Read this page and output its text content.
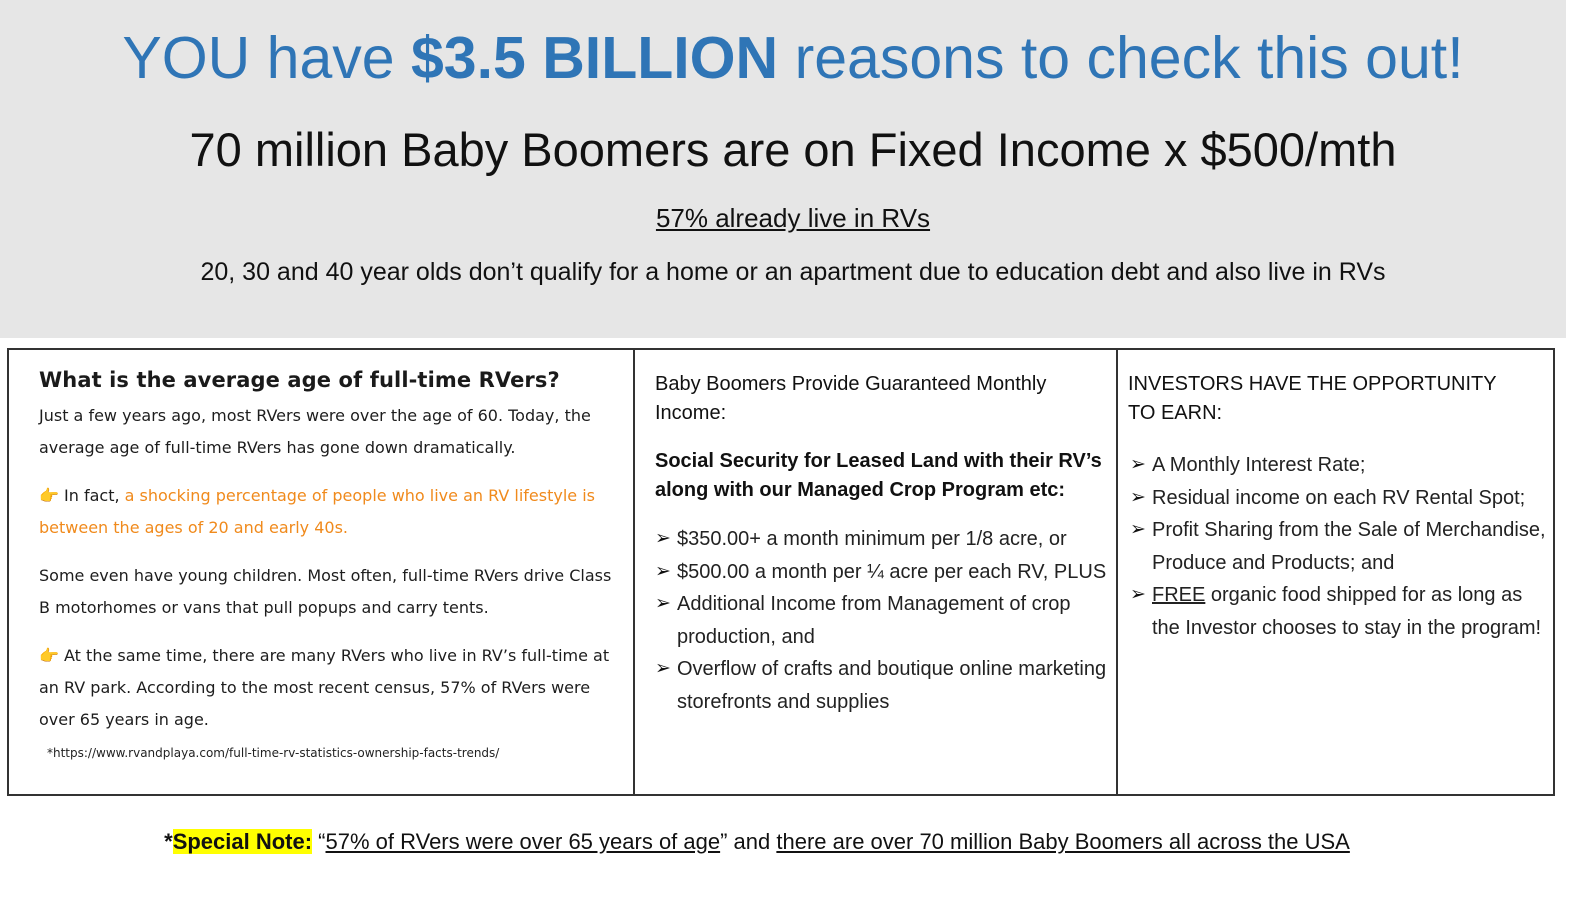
YOU have $3.5 BILLION reasons to check this out!
70 million Baby Boomers are on Fixed Income x $500/mth
57% already live in RVs
20, 30 and 40 year olds don’t qualify for a home or an apartment due to education debt and also live in RVs
What is the average age of full-time RVers?

Just a few years ago, most RVers were over the age of 60. Today, the average age of full-time RVers has gone down dramatically.

👉 In fact, a shocking percentage of people who live an RV lifestyle is between the ages of 20 and early 40s.

Some even have young children. Most often, full-time RVers drive Class B motorhomes or vans that pull popups and carry tents.

👉 At the same time, there are many RVers who live in RV’s full-time at an RV park. According to the most recent census, 57% of RVers were over 65 years in age.

*https://www.rvandplaya.com/full-time-rv-statistics-ownership-facts-trends/

Baby Boomers Provide Guaranteed Monthly Income:

Social Security for Leased Land with their RV’s along with our Managed Crop Program etc:

➢ $350.00+ a month minimum per 1/8 acre, or
➢ $500.00 a month per ¼ acre per each RV, PLUS
➢ Additional Income from Management of crop production, and
➢ Overflow of crafts and boutique online marketing storefronts and supplies

INVESTORS HAVE THE OPPORTUNITY
TO EARN:

➢ A Monthly Interest Rate;
➢ Residual income on each RV Rental Spot;
➢ Profit Sharing from the Sale of Merchandise, Produce and Products; and
➢ FREE organic food shipped for as long as the Investor chooses to stay in the program!
*Special Note: “57% of RVers were over 65 years of age” and there are over 70 million Baby Boomers all across the USA
